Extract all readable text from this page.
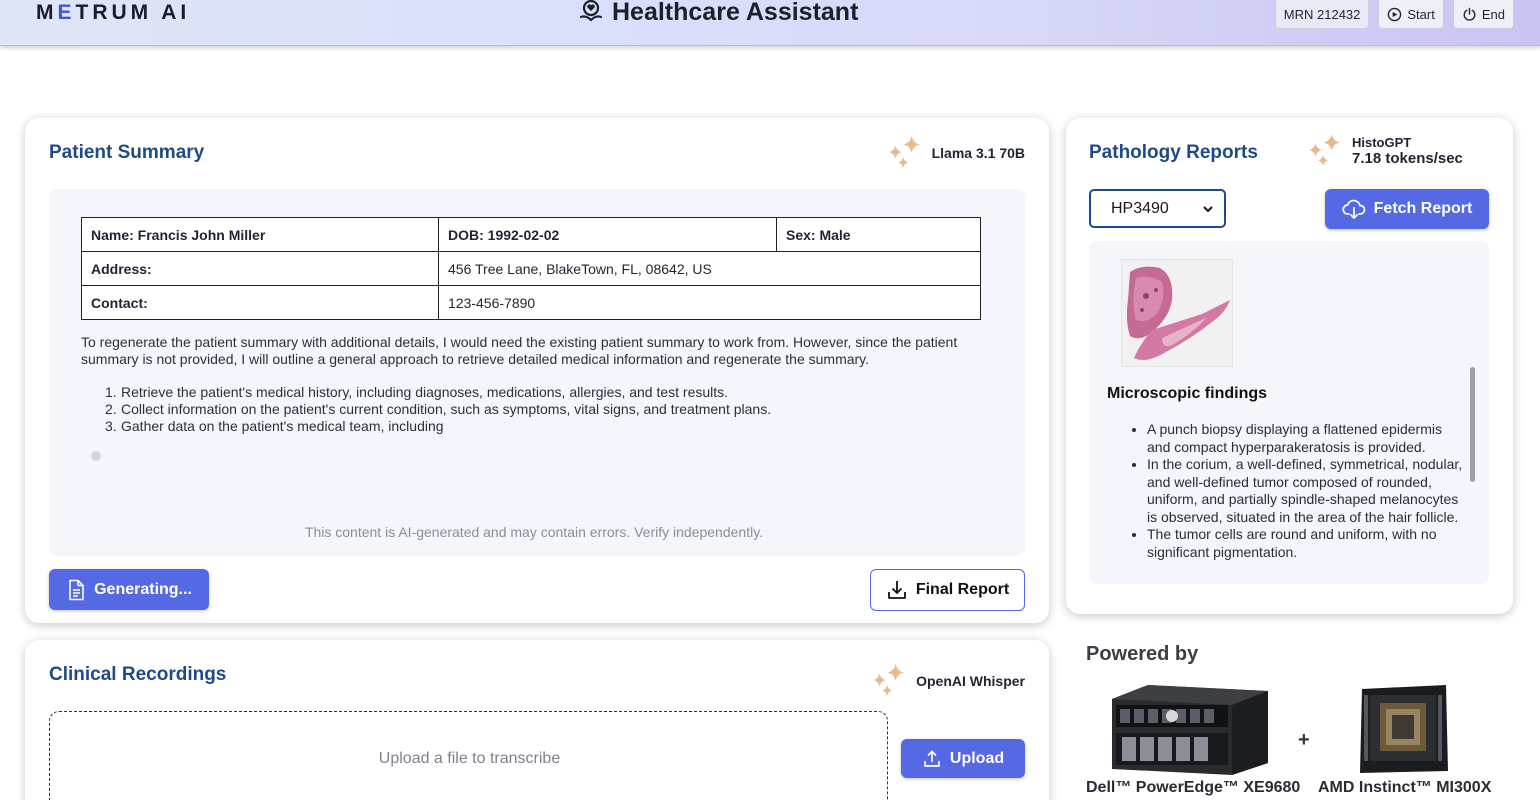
METRUM AI	Healthcare Assistant	MRN 212432	Start	End
Patient Summary	Llama 3.1 70B
Name: Francis John Miller	DOB: 1992-02-02	Sex: Male
Address:	456 Tree Lane, BlakeTown, FL, 08642, US	
Contact:	123-456-7890	
To regenerate the patient summary with additional details, I would need the existing patient summary to work from. However, since the patient summary is not provided, I will outline a general approach to retrieve detailed medical information and regenerate the summary.
1. Retrieve the patient's medical history, including diagnoses, medications, allergies, and test results.
2. Collect information on the patient's current condition, such as symptoms, vital signs, and treatment plans.
3. Gather data on the patient's medical team, including
This content is AI-generated and may contain errors. Verify independently.
Generating...	Final Report
Pathology Reports	HistoGPT
7.18 tokens/sec
HP3490	Fetch Report
Microscopic findings
• A punch biopsy displaying a flattened epidermis and compact hyperparakeratosis is provided.
• In the corium, a well-defined, symmetrical, nodular, and well-defined tumor composed of rounded, uniform, and partially spindle-shaped melanocytes is observed, situated in the area of the hair follicle.
• The tumor cells are round and uniform, with no significant pigmentation.
Clinical Recordings	OpenAI Whisper
Upload a file to transcribe	Upload
Powered by
+
Dell™ PowerEdge™ XE9680 AMD Instinct™ MI300X
